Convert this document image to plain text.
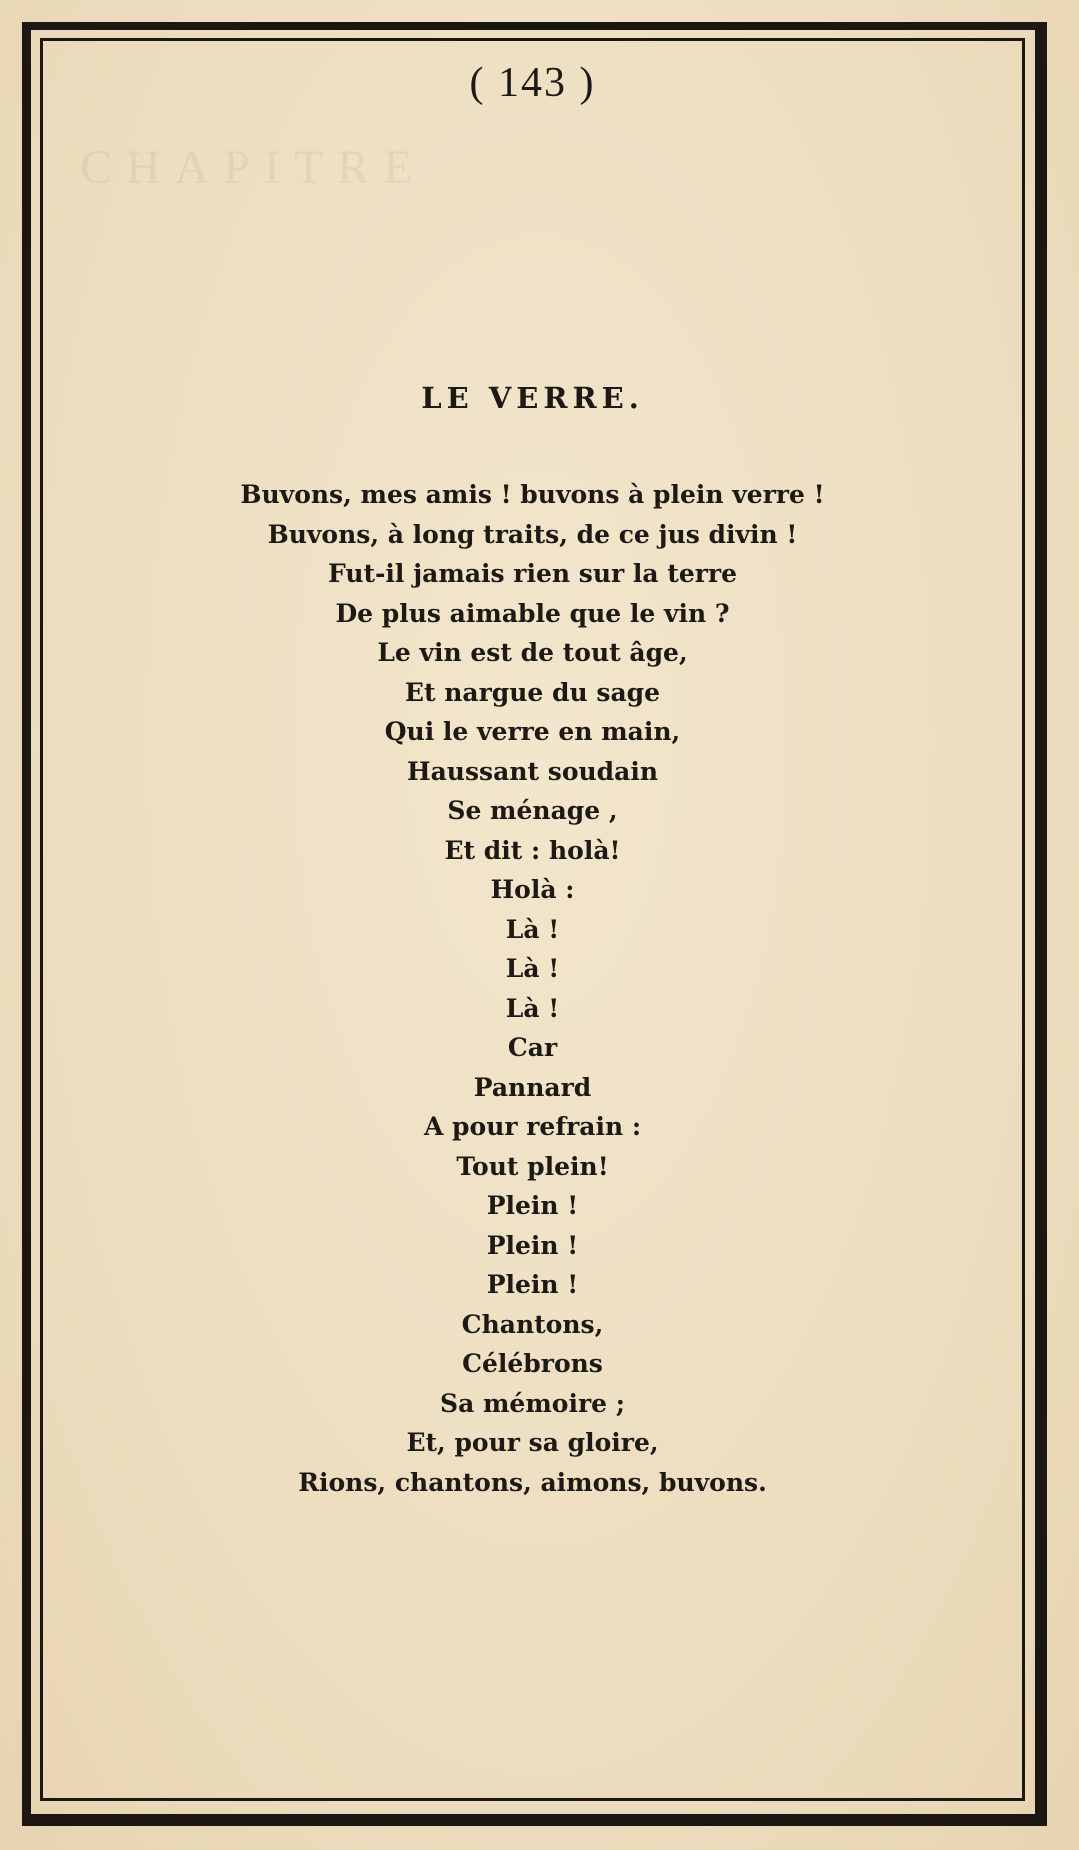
CHAPITRE
( 143 )
LE VERRE.
Buvons, mes amis ! buvons à plein verre !
Buvons, à long traits, de ce jus divin !
Fut-il jamais rien sur la terre
De plus aimable que le vin ?
Le vin est de tout âge,
Et nargue du sage
Qui le verre en main,
Haussant soudain
Se ménage ,
Et dit : holà!
Holà :
Là !
Là !
Là !
Car
Pannard
A pour refrain :
Tout plein!
Plein !
Plein !
Plein !
Chantons,
Célébrons
Sa mémoire ;
Et, pour sa gloire,
Rions, chantons, aimons, buvons.
